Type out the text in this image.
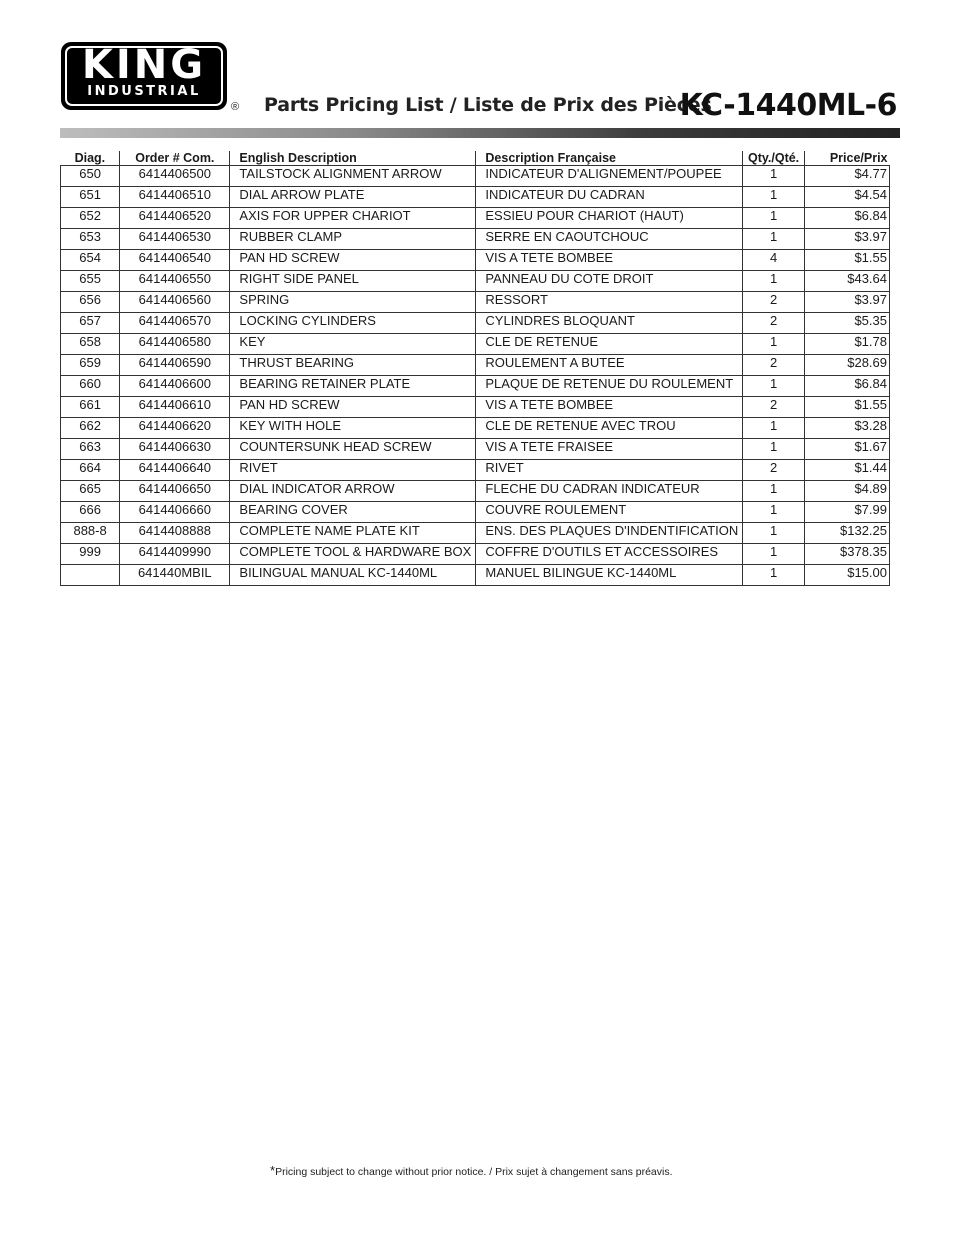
KING
INDUSTRIAL
® Parts Pricing List / Liste de Prix des Pièces
KC-1440ML-6
Diag.	Order # Com.	English Description	Description Française	Qty./Qté.	Price/Prix
650	6414406500	TAILSTOCK ALIGNMENT ARROW	INDICATEUR D'ALIGNEMENT/POUPEE	1	$4.77
651	6414406510	DIAL ARROW PLATE	INDICATEUR DU CADRAN	1	$4.54
652	6414406520	AXIS FOR UPPER CHARIOT	ESSIEU POUR CHARIOT (HAUT)	1	$6.84
653	6414406530	RUBBER CLAMP	SERRE EN CAOUTCHOUC	1	$3.97
654	6414406540	PAN HD SCREW	VIS A TETE BOMBEE	4	$1.55
655	6414406550	RIGHT SIDE PANEL	PANNEAU DU COTE DROIT	1	$43.64
656	6414406560	SPRING	RESSORT	2	$3.97
657	6414406570	LOCKING CYLINDERS	CYLINDRES BLOQUANT	2	$5.35
658	6414406580	KEY	CLE DE RETENUE	1	$1.78
659	6414406590	THRUST BEARING	ROULEMENT A BUTEE	2	$28.69
660	6414406600	BEARING RETAINER PLATE	PLAQUE DE RETENUE DU ROULEMENT	1	$6.84
661	6414406610	PAN HD SCREW	VIS A TETE BOMBEE	2	$1.55
662	6414406620	KEY WITH HOLE	CLE DE RETENUE AVEC TROU	1	$3.28
663	6414406630	COUNTERSUNK HEAD SCREW	VIS A TETE FRAISEE	1	$1.67
664	6414406640	RIVET	RIVET	2	$1.44
665	6414406650	DIAL INDICATOR ARROW	FLECHE DU CADRAN INDICATEUR	1	$4.89
666	6414406660	BEARING COVER	COUVRE ROULEMENT	1	$7.99
888-8	6414408888	COMPLETE NAME PLATE KIT	ENS. DES PLAQUES D'INDENTIFICATION	1	$132.25
999	6414409990	COMPLETE TOOL & HARDWARE BOX	COFFRE D'OUTILS ET ACCESSOIRES	1	$378.35
	641440MBIL	BILINGUAL MANUAL KC-1440ML	MANUEL BILINGUE KC-1440ML	1	$15.00
*Pricing subject to change without prior notice. / Prix sujet à changement sans préavis.
